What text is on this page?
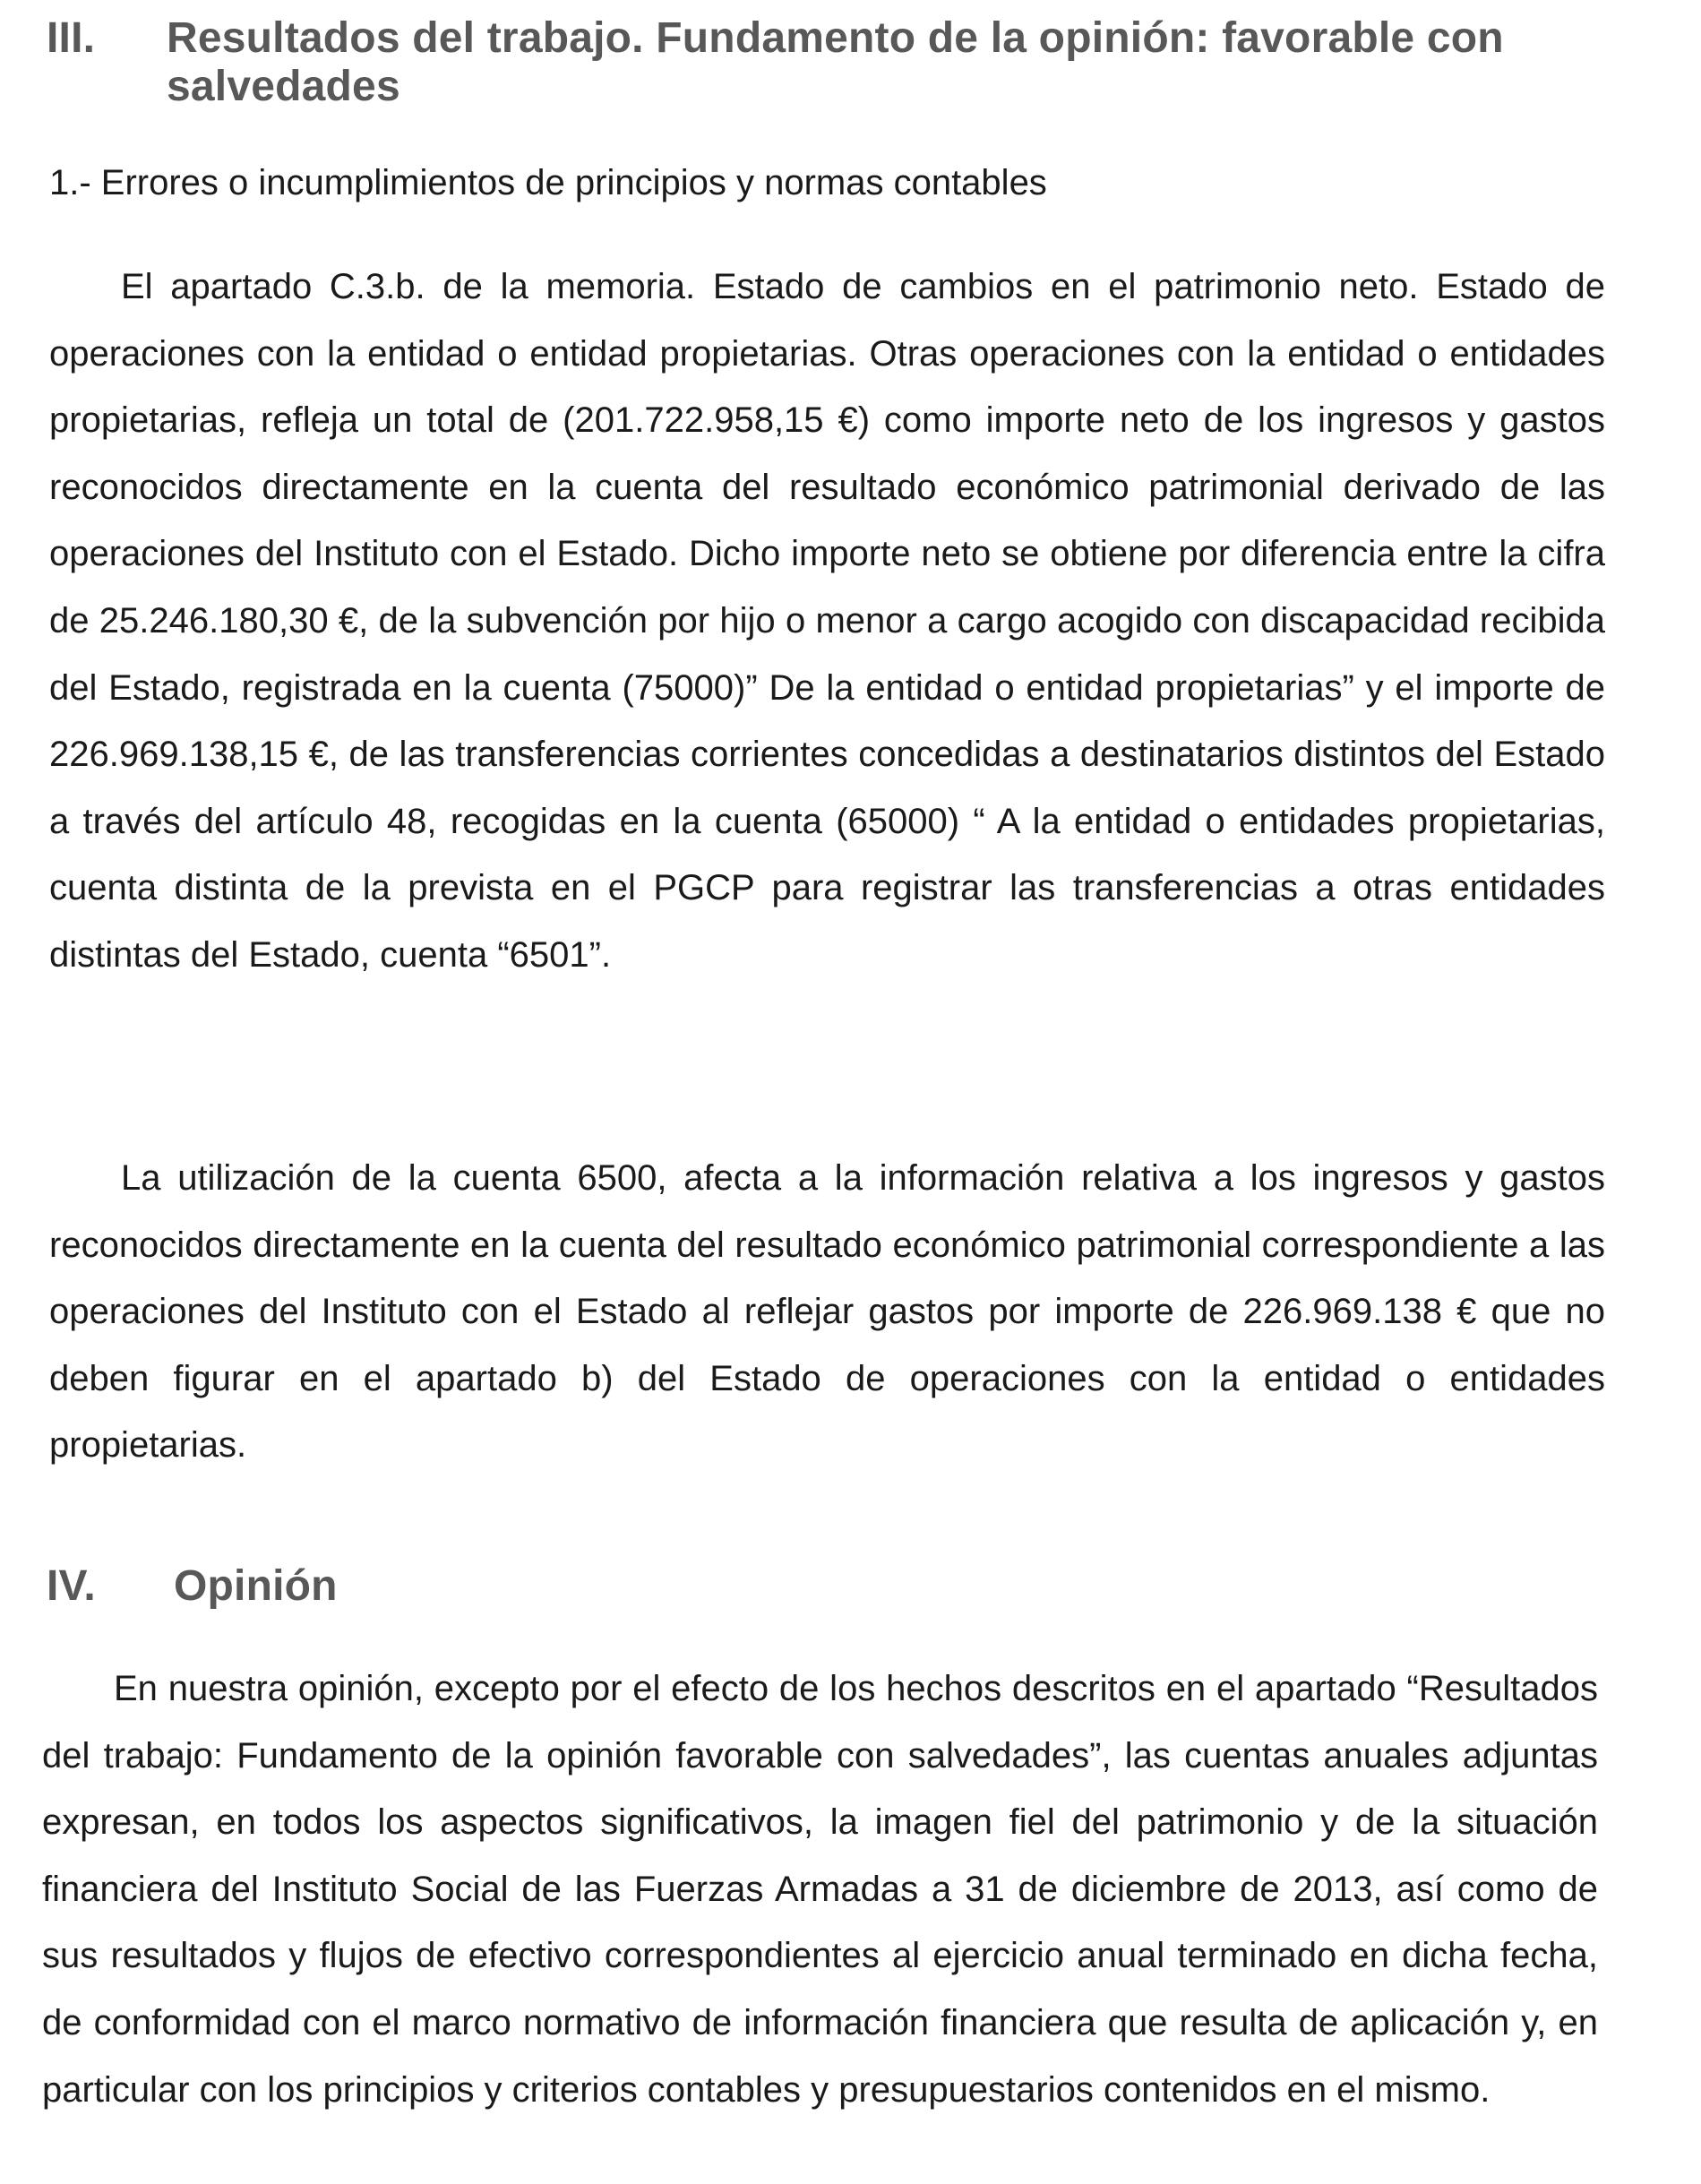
III. Resultados del trabajo. Fundamento de la opinión: favorable con salvedades
1.- Errores o incumplimientos de principios y normas contables
El apartado C.3.b. de la memoria. Estado de cambios en el patrimonio neto. Estado de operaciones con la entidad o entidad propietarias. Otras operaciones con la entidad o entidades propietarias, refleja un total de (201.722.958,15 €) como importe neto de los ingresos y gastos reconocidos directamente en la cuenta del resultado económico patrimonial derivado de las operaciones del Instituto con el Estado. Dicho importe neto se obtiene por diferencia entre la cifra de 25.246.180,30 €, de la subvención por hijo o menor a cargo acogido con discapacidad recibida del Estado, registrada en la cuenta (75000)” De la entidad o entidad propietarias” y el importe de 226.969.138,15 €, de las transferencias corrientes concedidas a destinatarios distintos del Estado a través del artículo 48, recogidas en la cuenta (65000) “ A la entidad o entidades propietarias, cuenta distinta de la prevista en el PGCP para registrar las transferencias a otras entidades distintas del Estado, cuenta “6501”.
La utilización de la cuenta 6500, afecta a la información relativa a los ingresos y gastos reconocidos directamente en la cuenta del resultado económico patrimonial correspondiente a las operaciones del Instituto con el Estado al reflejar gastos por importe de 226.969.138 € que no deben figurar en el apartado b) del Estado de operaciones con la entidad o entidades propietarias.
IV. Opinión
En nuestra opinión, excepto por el efecto de los hechos descritos en el apartado “Resultados del trabajo: Fundamento de la opinión favorable con salvedades”, las cuentas anuales adjuntas expresan, en todos los aspectos significativos, la imagen fiel del patrimonio y de la situación financiera del Instituto Social de las Fuerzas Armadas a 31 de diciembre de 2013, así como de sus resultados y flujos de efectivo correspondientes al ejercicio anual terminado en dicha fecha, de conformidad con el marco normativo de información financiera que resulta de aplicación y, en particular con los principios y criterios contables y presupuestarios contenidos en el mismo.
